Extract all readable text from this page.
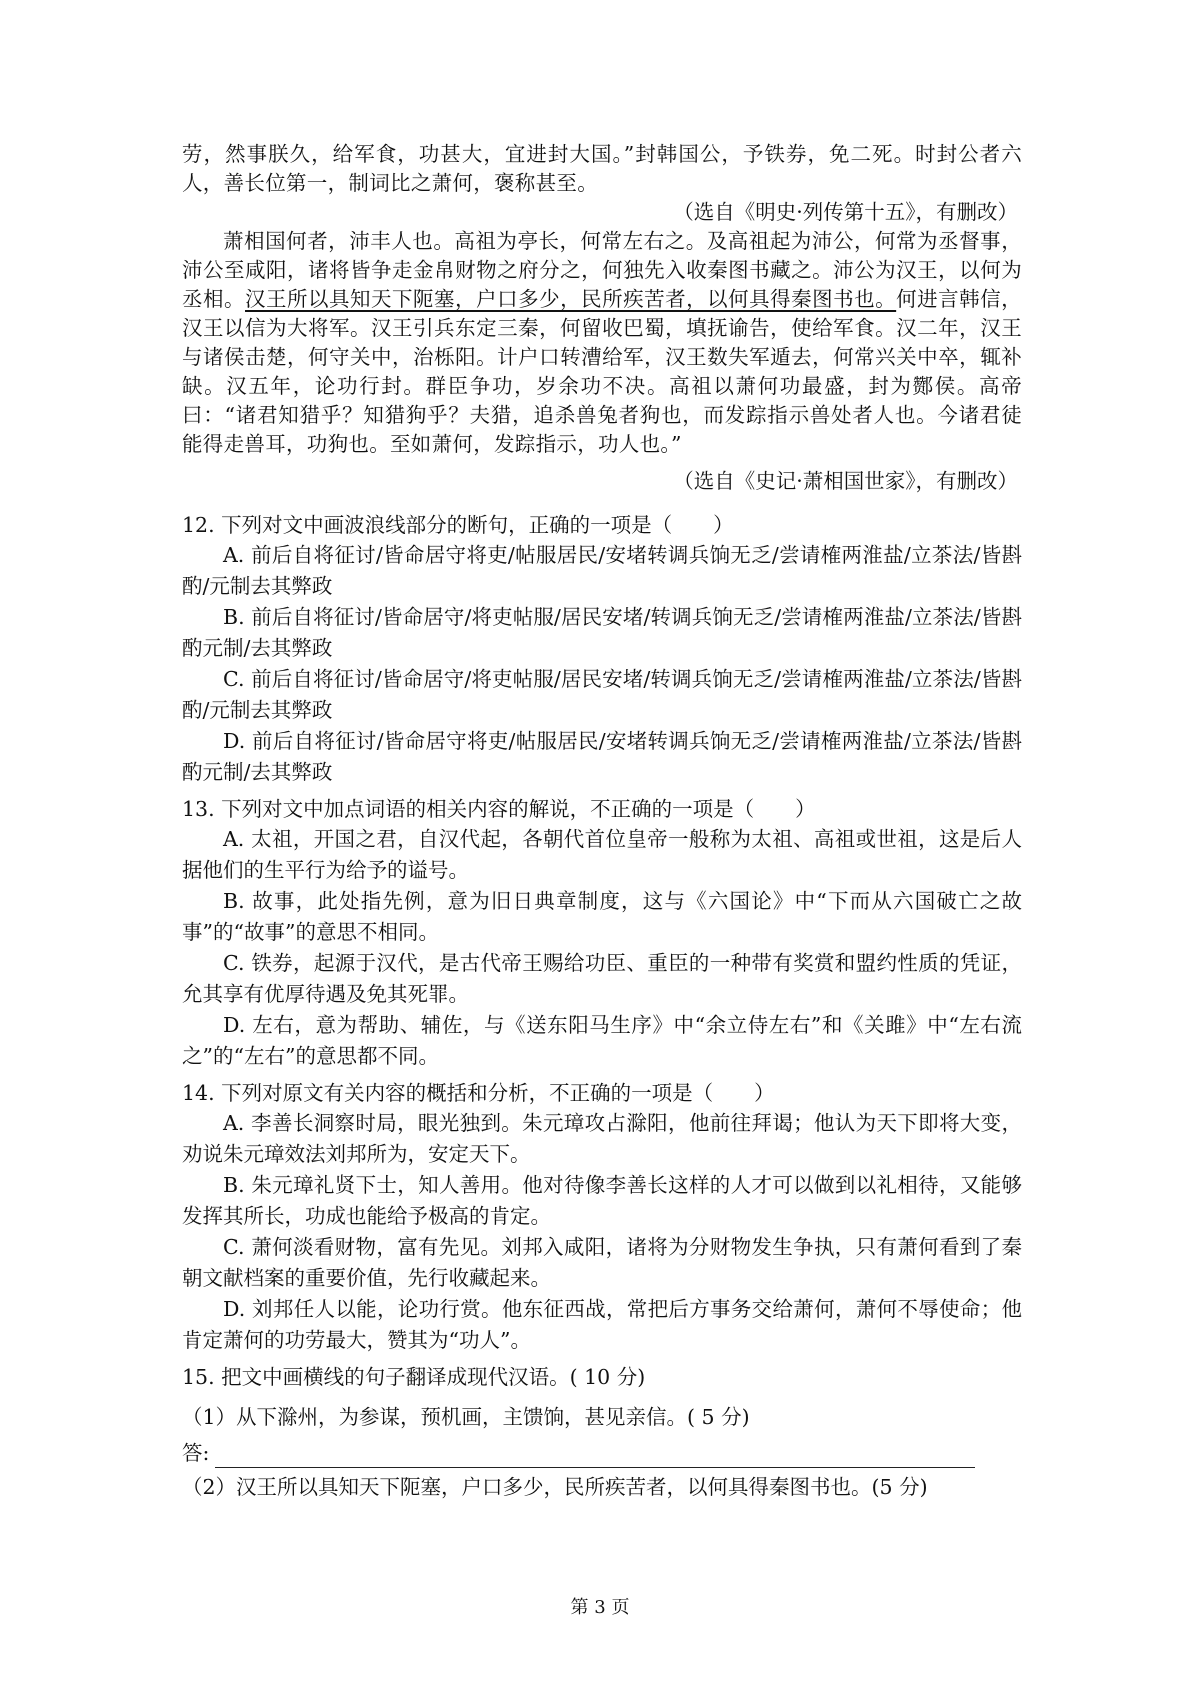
劳，然事朕久，给军食，功甚大，宜进封大国。”封韩国公，予铁券，免二死。时封公者六人，善长位第一，制词比之萧何，褒称甚至。

（选自《明史·列传第十五》，有删改）

萧相国何者，沛丰人也。高祖为亭长，何常左右之。及高祖起为沛公，何常为丞督事，沛公至咸阳，诸将皆争走金帛财物之府分之，何独先入收秦图书藏之。沛公为汉王，以何为丞相。汉王所以具知天下阨塞，户口多少，民所疾苦者，以何具得秦图书也。何进言韩信，汉王以信为大将军。汉王引兵东定三秦，何留收巴蜀，填抚谕告，使给军食。汉二年，汉王与诸侯击楚，何守关中，治栎阳。计户口转漕给军，汉王数失军遁去，何常兴关中卒，辄补缺。汉五年，论功行封。群臣争功，岁余功不决。高祖以萧何功最盛，封为酂侯。高帝曰：“诸君知猎乎？知猎狗乎？夫猎，追杀兽兔者狗也，而发踪指示兽处者人也。今诸君徒能得走兽耳，功狗也。至如萧何，发踪指示，功人也。”

（选自《史记·萧相国世家》，有删改）

12. 下列对文中画波浪线部分的断句，正确的一项是（　　）

A. 前后自将征讨/皆命居守将吏/帖服居民/安堵转调兵饷无乏/尝请榷两淮盐/立茶法/皆斟酌/元制去其弊政

B. 前后自将征讨/皆命居守/将吏帖服/居民安堵/转调兵饷无乏/尝请榷两淮盐/立茶法/皆斟酌元制/去其弊政

C. 前后自将征讨/皆命居守/将吏帖服/居民安堵/转调兵饷无乏/尝请榷两淮盐/立茶法/皆斟酌/元制去其弊政

D. 前后自将征讨/皆命居守将吏/帖服居民/安堵转调兵饷无乏/尝请榷两淮盐/立茶法/皆斟酌元制/去其弊政

13. 下列对文中加点词语的相关内容的解说，不正确的一项是（　　）

A. 太祖，开国之君，自汉代起，各朝代首位皇帝一般称为太祖、高祖或世祖，这是后人据他们的生平行为给予的谥号。

B. 故事，此处指先例，意为旧日典章制度，这与《六国论》中“下而从六国破亡之故事”的“故事”的意思不相同。

C. 铁券，起源于汉代，是古代帝王赐给功臣、重臣的一种带有奖赏和盟约性质的凭证，允其享有优厚待遇及免其死罪。

D. 左右，意为帮助、辅佐，与《送东阳马生序》中“余立侍左右”和《关雎》中“左右流之”的“左右”的意思都不同。

14. 下列对原文有关内容的概括和分析，不正确的一项是（　　）

A. 李善长洞察时局，眼光独到。朱元璋攻占滁阳，他前往拜谒；他认为天下即将大变，劝说朱元璋效法刘邦所为，安定天下。

B. 朱元璋礼贤下士，知人善用。他对待像李善长这样的人才可以做到以礼相待，又能够发挥其所长，功成也能给予极高的肯定。

C. 萧何淡看财物，富有先见。刘邦入咸阳，诸将为分财物发生争执，只有萧何看到了秦朝文献档案的重要价值，先行收藏起来。

D. 刘邦任人以能，论功行赏。他东征西战，常把后方事务交给萧何，萧何不辱使命；他肯定萧何的功劳最大，赞其为“功人”。

15. 把文中画横线的句子翻译成现代汉语。( 10 分)

（1）从下滁州，为参谋，预机画，主馈饷，甚见亲信。( 5 分)

答:

（2）汉王所以具知天下阨塞，户口多少，民所疾苦者，以何具得秦图书也。(5 分)

第 3 页
